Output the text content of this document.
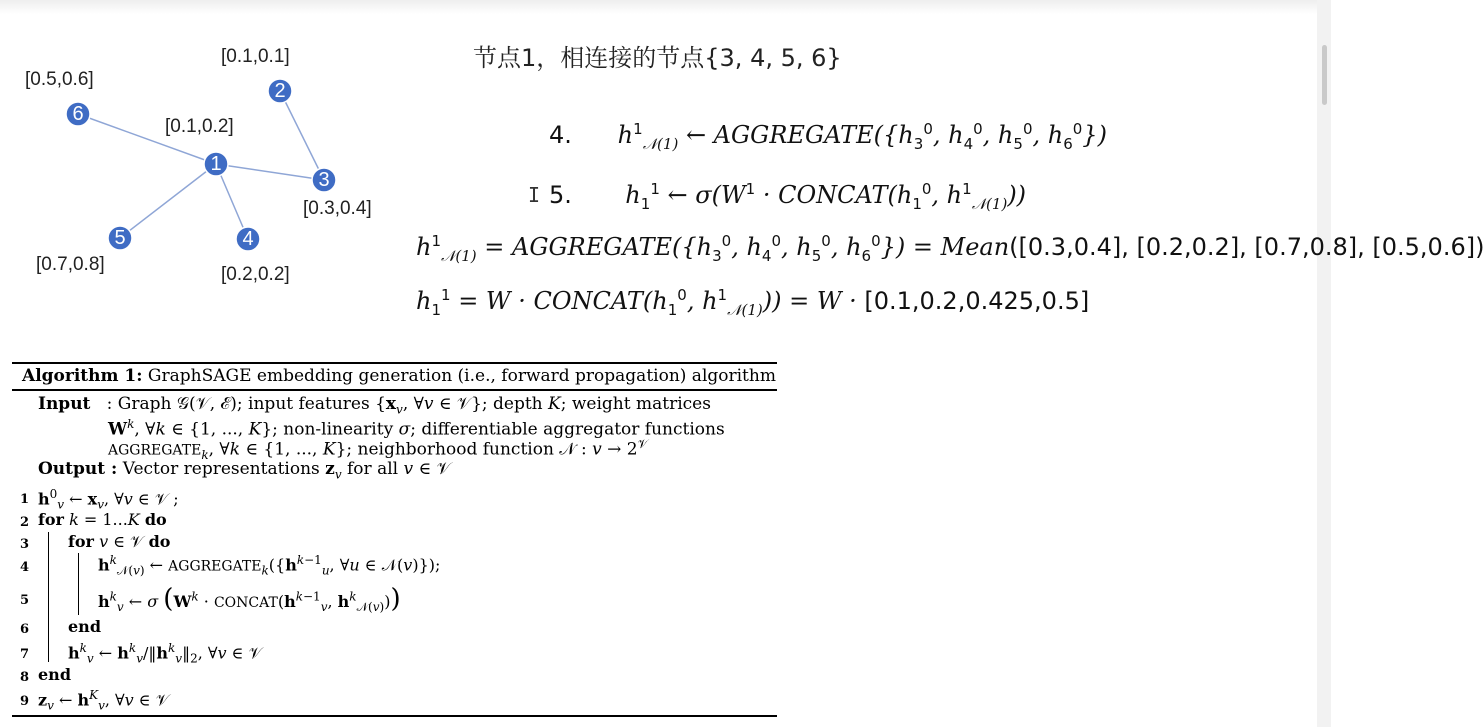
1
2
3
4
5
6
[0.1,0.2]
[0.1,0.1]
[0.3,0.4]
[0.2,0.2]
[0.7,0.8]
[0.5,0.6]
节点1，相连接的节点{3, 4, 5, 6}
4.      $h^1_{𝒩(1)}$ ← $AGGREGATE(\{h_3^0$, $h_4^0$, $h_5^0$, $h_6^0$})
I 5.       $h_1^1$ ← $\sigma(W^1$ · $CONCAT(h_1^0$, $h^1_{𝒩(1)}$))
$h^1_{𝒩(1)}$ = $AGGREGATE(\{h_3^0$, $h_4^0$, $h_5^0$, $h_6^0$}) = Mean([0.3,0.4], [0.2,0.2], [0.7,0.8], [0.5,0.6])
$h_1^1 = W$ · $CONCAT(h_1^0$, $h^1_{𝒩(1)})) = W \cdot [0.1,0.2,0.425,0.5]$
Algorithm 1: GraphSAGE embedding generation (i.e., forward propagation) algorithm
Input   : Graph 𝒢(𝒱, ℰ); input features {$x_v$, ∀v ∈ 𝒱}; depth K; weight matrices
$W^k$, ∀k ∈ {1, ..., K}; non-linearity σ; differentiable aggregator functions
$AGGREGATE_k$, ∀k ∈ {1, ..., K}; neighborhood function 𝒩 : $v \to 2^𝒱$
Output : Vector representations $z_v$ for all v ∈ 𝒱
1 $h^0_v$ ← $x_v$, ∀v ∈ 𝒱 ;
2 for k = 1...K do
3 for v ∈ 𝒱 do
4	$h^k_{𝒩(v)}$ ← $AGGREGATE_k(\{h^{k-1}_u$, ∀u ∈ 𝒩(v)});
5	$h^k_v$ ← σ ($W^k$ · $CONCAT(h^{k-1}_v$, $h^k_{𝒩(v)}$))
6 end
7 $h^k_v$ ← $h^k_v/‖h^k_v‖_2$, ∀v ∈ 𝒱
8 end
9 $z_v$ ← $h^K_v$, ∀v ∈ 𝒱
